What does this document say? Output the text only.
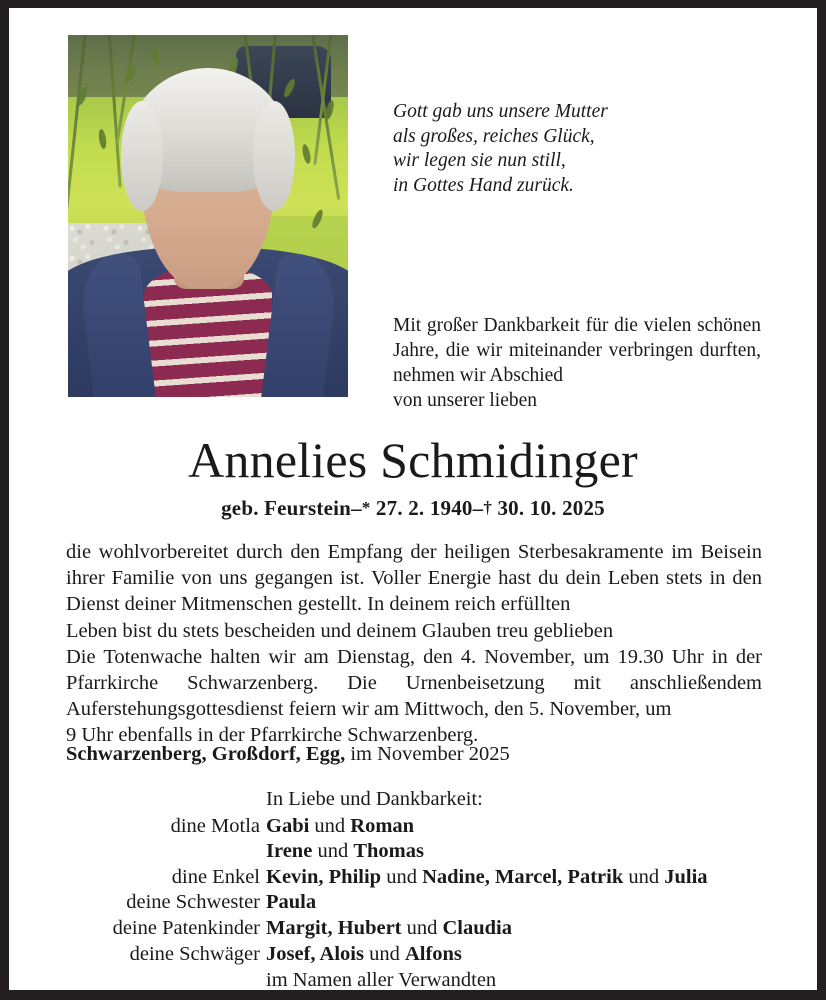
Gott gab uns unsere Mutter
als großes, reiches Glück,
wir legen sie nun still,
in Gottes Hand zurück.
Mit großer Dankbarkeit für die vielen schönen Jahre, die wir miteinander verbringen durften, nehmen wir Abschied
von unserer lieben
Annelies Schmidinger
geb. Feurstein–* 27. 2. 1940–† 30. 10. 2025

die wohlvorbereitet durch den Empfang der heiligen Sterbesakramente im Beisein ihrer Familie von uns gegangen ist. Voller Energie hast du dein Leben stets in den Dienst deiner Mitmenschen gestellt. In deinem reich erfüllten

Leben bist du stets bescheiden und deinem Glauben treu geblieben

Die Totenwache halten wir am Dienstag, den 4. November, um 19.30 Uhr in der Pfarrkirche Schwarzenberg. Die Urnenbeisetzung mit anschließendem Auferstehungsgottesdienst feiern wir am Mittwoch, den 5. November, um

9 Uhr ebenfalls in der Pfarrkirche Schwarzenberg.

Schwarzenberg, Großdorf, Egg, im November 2025
In Liebe und Dankbarkeit:
dine Motla Gabi und Roman
Irene und Thomas
dine Enkel Kevin, Philip und Nadine, Marcel, Patrik und Julia
deine Schwester Paula
deine Patenkinder Margit, Hubert und Claudia
deine Schwäger Josef, Alois und Alfons
im Namen aller Verwandten
